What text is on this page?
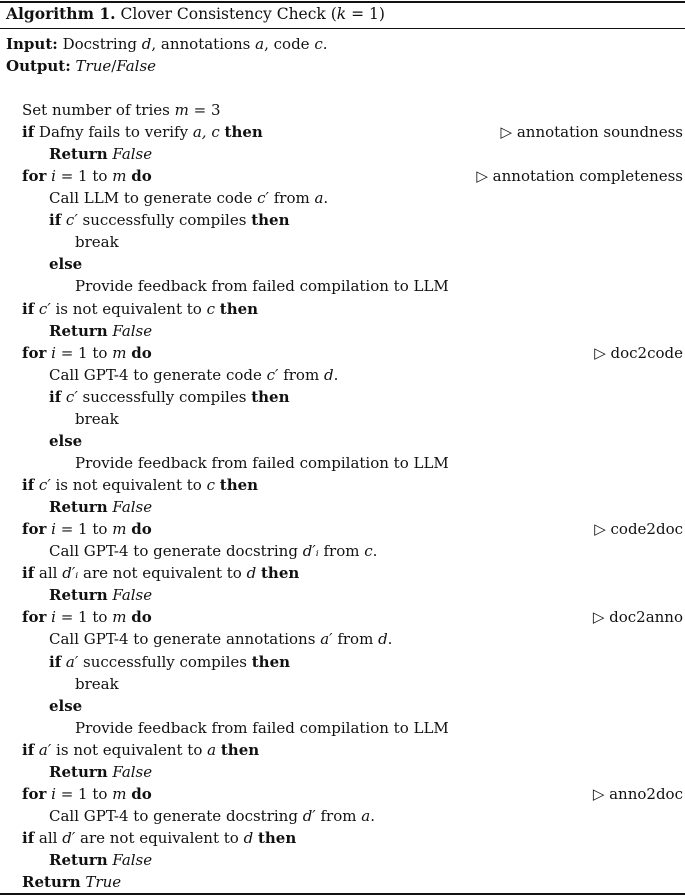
Algorithm 1. Clover Consistency Check (k = 1)
Input: Docstring d, annotations a, code c.
Output: True/False
Set number of tries m = 3
if Dafny fails to verify a, c then	▷ annotation soundness
Return False
for i = 1 to m do	▷ annotation completeness
Call LLM to generate code c′ from a.
if c′ successfully compiles then
break
else
Provide feedback from failed compilation to LLM
if c′ is not equivalent to c then
Return False
for i = 1 to m do	▷ doc2code
Call GPT-4 to generate code c′ from d.
if c′ successfully compiles then
break
else
Provide feedback from failed compilation to LLM
if c′ is not equivalent to c then
Return False
for i = 1 to m do	▷ code2doc
Call GPT-4 to generate docstring d′ᵢ from c.
if all d′ᵢ are not equivalent to d then
Return False
for i = 1 to m do	▷ doc2anno
Call GPT-4 to generate annotations a′ from d.
if a′ successfully compiles then
break
else
Provide feedback from failed compilation to LLM
if a′ is not equivalent to a then
Return False
for i = 1 to m do	▷ anno2doc
Call GPT-4 to generate docstring d′ from a.
if all d′ are not equivalent to d then
Return False
Return True
